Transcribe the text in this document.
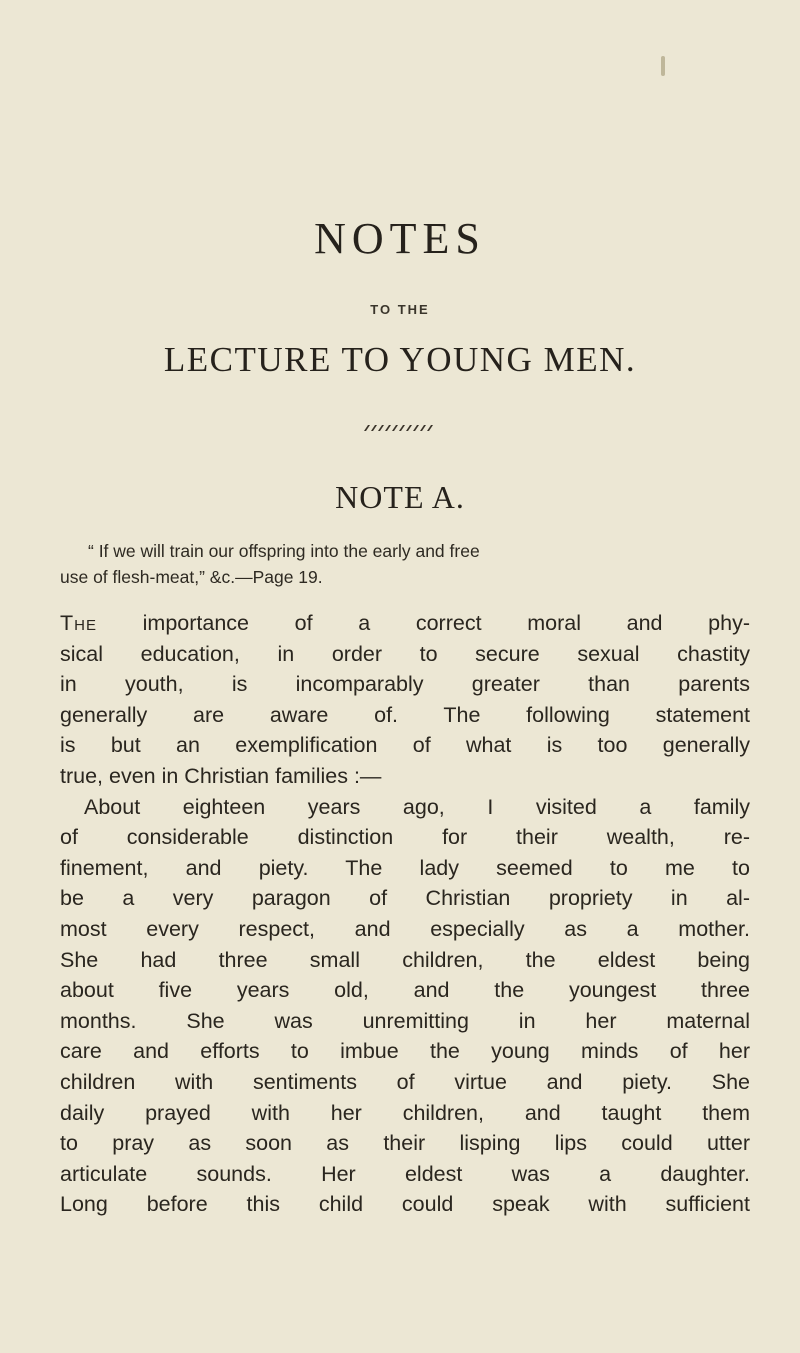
NOTES
TO THE
LECTURE TO YOUNG MEN.
NOTE A.
“ If we will train our offspring into the early and free
use of flesh-meat,” &c.—Page 19.
The importance of a correct moral and phy-
sical education, in order to secure sexual chastity
in youth, is incomparably greater than parents
generally are aware of. The following statement
is but an exemplification of what is too generally
true, even in Christian families :—
About eighteen years ago, I visited a family
of considerable distinction for their wealth, re-
finement, and piety. The lady seemed to me to
be a very paragon of Christian propriety in al-
most every respect, and especially as a mother.
She had three small children, the eldest being
about five years old, and the youngest three
months. She was unremitting in her maternal
care and efforts to imbue the young minds of her
children with sentiments of virtue and piety. She
daily prayed with her children, and taught them
to pray as soon as their lisping lips could utter
articulate sounds. Her eldest was a daughter.
Long before this child could speak with sufficient
